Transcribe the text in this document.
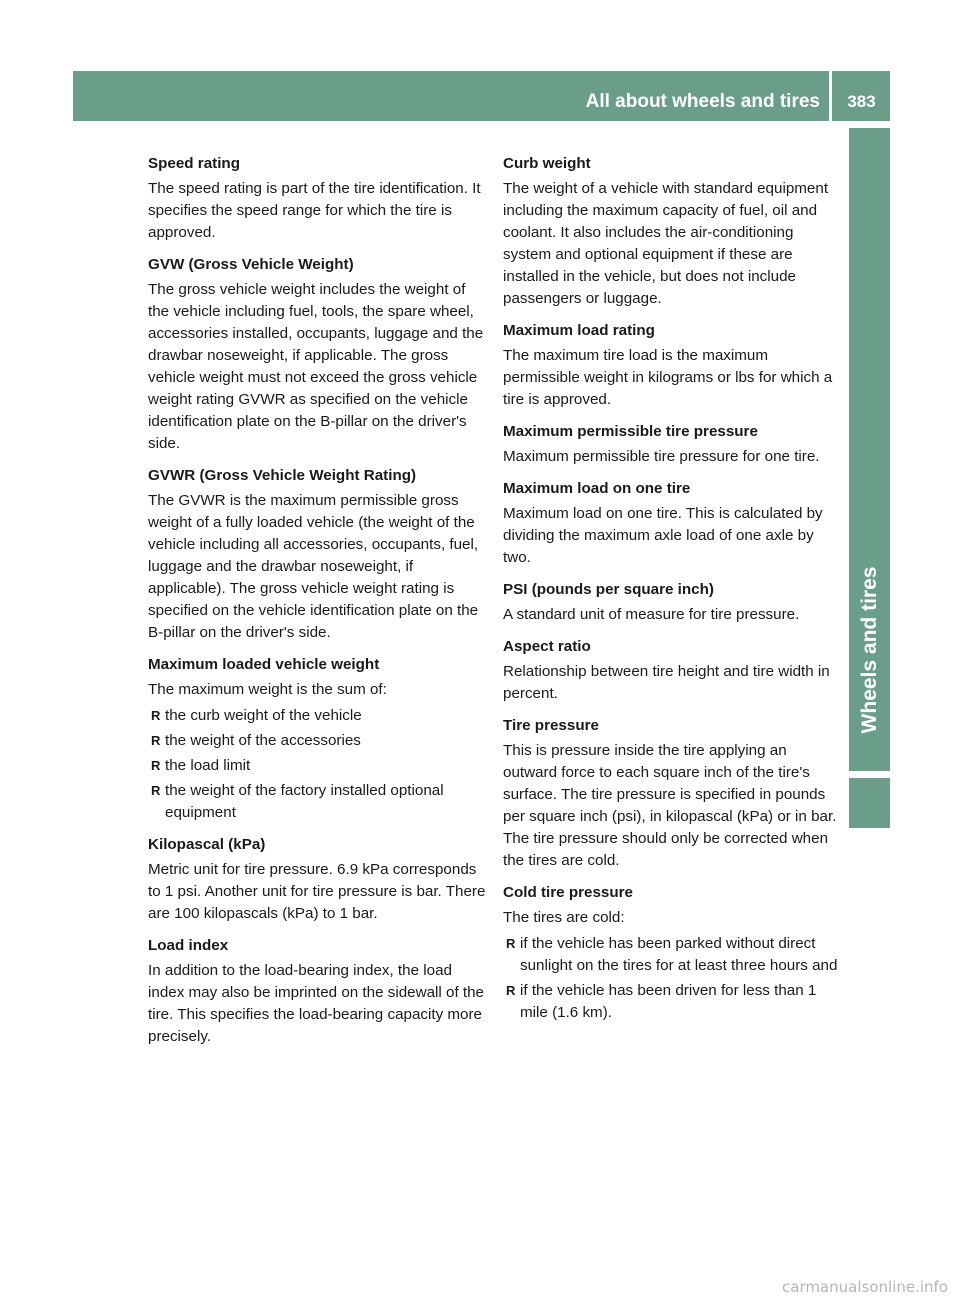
All about wheels and tires	383
Wheels and tires
Speed rating

The speed rating is part of the tire identification. It specifies the speed range for which the tire is approved.

GVW (Gross Vehicle Weight)

The gross vehicle weight includes the weight of the vehicle including fuel, tools, the spare wheel, accessories installed, occupants, luggage and the drawbar noseweight, if applicable. The gross vehicle weight must not exceed the gross vehicle weight rating GVWR as specified on the vehicle identification plate on the B-pillar on the driver's side.

GVWR (Gross Vehicle Weight Rating)

The GVWR is the maximum permissible gross weight of a fully loaded vehicle (the weight of the vehicle including all accessories, occupants, fuel, luggage and the drawbar noseweight, if applicable). The gross vehicle weight rating is specified on the vehicle identification plate on the B-pillar on the driver's side.

Maximum loaded vehicle weight

The maximum weight is the sum of:

R the curb weight of the vehicle
R the weight of the accessories
R the load limit
R the weight of the factory installed optional equipment
Kilopascal (kPa)

Metric unit for tire pressure. 6.9 kPa corresponds to 1 psi. Another unit for tire pressure is bar. There are 100 kilopascals (kPa) to 1 bar.

Load index

In addition to the load-bearing index, the load index may also be imprinted on the sidewall of the tire. This specifies the load-bearing capacity more precisely.

Curb weight

The weight of a vehicle with standard equipment including the maximum capacity of fuel, oil and coolant. It also includes the air-conditioning system and optional equipment if these are installed in the vehicle, but does not include passengers or luggage.

Maximum load rating

The maximum tire load is the maximum permissible weight in kilograms or lbs for which a tire is approved.

Maximum permissible tire pressure

Maximum permissible tire pressure for one tire.

Maximum load on one tire

Maximum load on one tire. This is calculated by dividing the maximum axle load of one axle by two.

PSI (pounds per square inch)

A standard unit of measure for tire pressure.

Aspect ratio

Relationship between tire height and tire width in percent.

Tire pressure

This is pressure inside the tire applying an outward force to each square inch of the tire's surface. The tire pressure is specified in pounds per square inch (psi), in kilopascal (kPa) or in bar. The tire pressure should only be corrected when the tires are cold.

Cold tire pressure

The tires are cold:

R if the vehicle has been parked without direct sunlight on the tires for at least three hours and
R if the vehicle has been driven for less than 1 mile (1.6 km).
carmanualsonline.info
